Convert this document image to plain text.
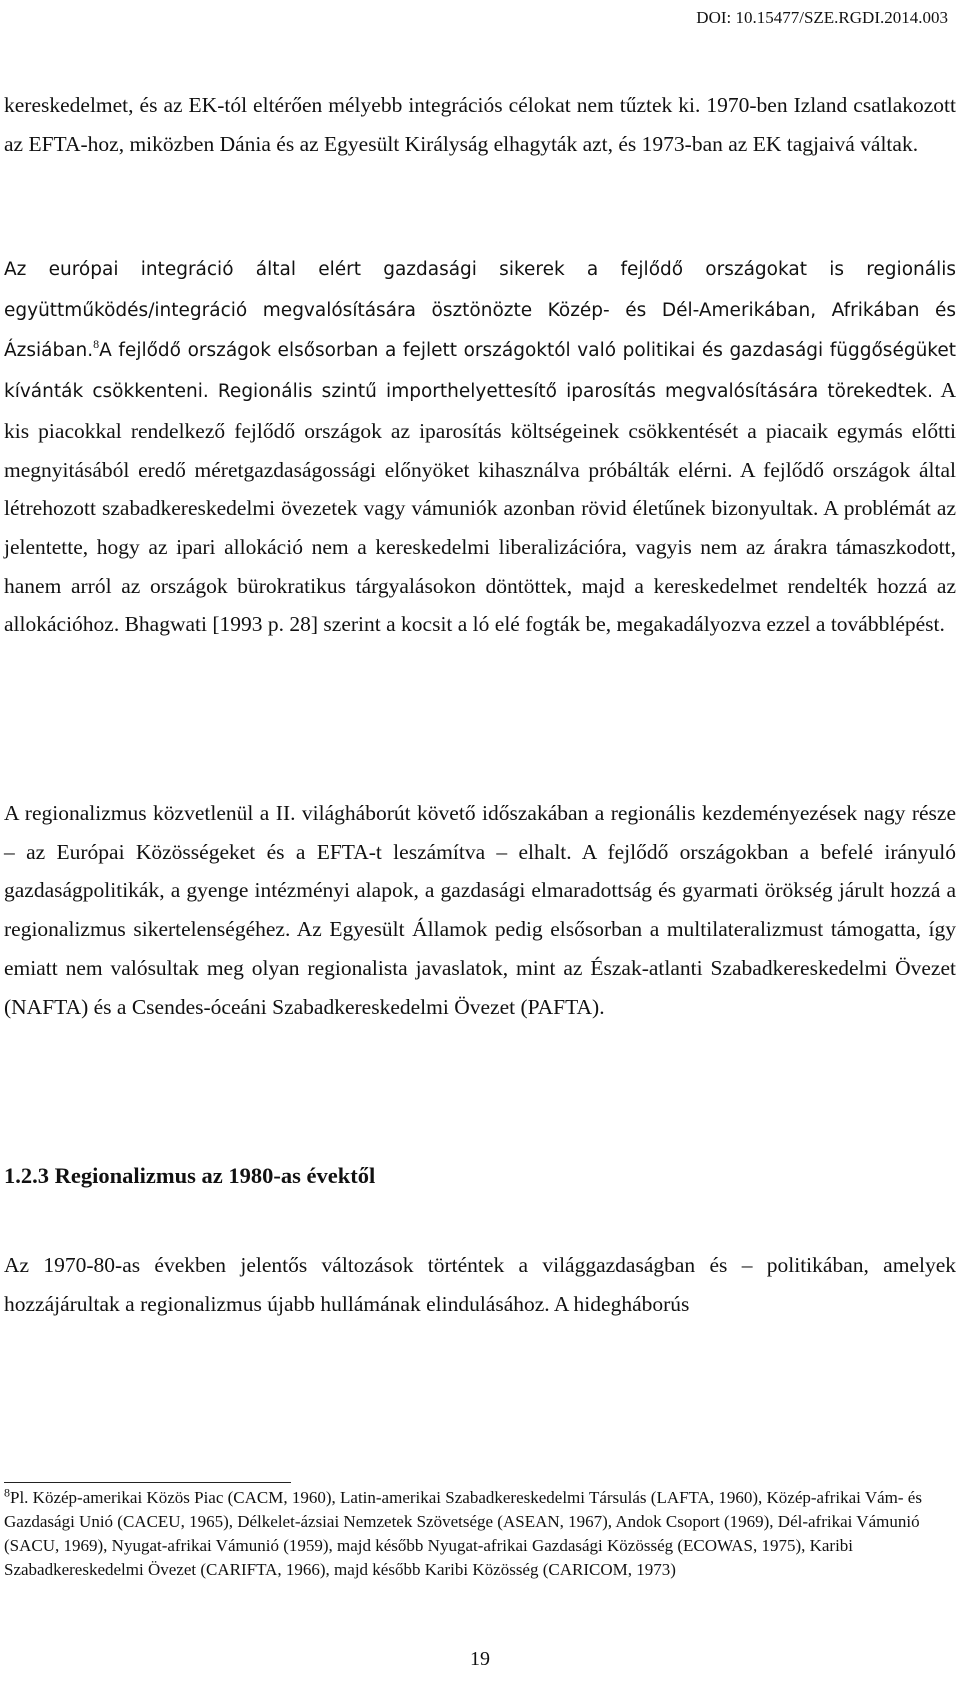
DOI: 10.15477/SZE.RGDI.2014.003

kereskedelmet, és az EK-tól eltérően mélyebb integrációs célokat nem tűztek ki. 1970-ben Izland csatlakozott az EFTA-hoz, miközben Dánia és az Egyesült Királyság elhagyták azt, és 1973-ban az EK tagjaivá váltak.

Az európai integráció által elért gazdasági sikerek a fejlődő országokat is regionális együttműködés/integráció megvalósítására ösztönözte Közép- és Dél-Amerikában, Afrikában és Ázsiában.$^8$A fejlődő országok elsősorban a fejlett országoktól való politikai és gazdasági függőségüket kívánták csökkenteni. Regionális szintű importhelyettesítő iparosítás megvalósítására törekedtek. A kis piacokkal rendelkező fejlődő országok az iparosítás költségeinek csökkentését a piacaik egymás előtti megnyitásából eredő méretgazdaságossági előnyöket kihasználva próbálták elérni. A fejlődő országok által létrehozott szabadkereskedelmi övezetek vagy vámuniók azonban rövid életűnek bizonyultak. A problémát az jelentette, hogy az ipari allokáció nem a kereskedelmi liberalizációra, vagyis nem az árakra támaszkodott, hanem arról az országok bürokratikus tárgyalásokon döntöttek, majd a kereskedelmet rendelték hozzá az allokációhoz. Bhagwati [1993 p. 28] szerint a kocsit a ló elé fogták be, megakadályozva ezzel a továbblépést.

A regionalizmus közvetlenül a II. világháborút követő időszakában a regionális kezdeményezések nagy része – az Európai Közösségeket és a EFTA-t leszámítva – elhalt. A fejlődő országokban a befelé irányuló gazdaságpolitikák, a gyenge intézményi alapok, a gazdasági elmaradottság és gyarmati örökség járult hozzá a regionalizmus sikertelenségéhez. Az Egyesült Államok pedig elsősorban a multilateralizmust támogatta, így emiatt nem valósultak meg olyan regionalista javaslatok, mint az Észak-atlanti Szabadkereskedelmi Övezet (NAFTA) és a Csendes-óceáni Szabadkereskedelmi Övezet (PAFTA).

1.2.3 Regionalizmus az 1980-as évektől

Az 1970-80-as években jelentős változások történtek a világgazdaságban és – politikában, amelyek hozzájárultak a regionalizmus újabb hullámának elindulásához. A hidegháborús

$^8$Pl. Közép-amerikai Közös Piac (CACM, 1960), Latin-amerikai Szabadkereskedelmi Társulás (LAFTA, 1960), Közép-afrikai Vám- és Gazdasági Unió (CACEU, 1965), Délkelet-ázsiai Nemzetek Szövetsége (ASEAN, 1967), Andok Csoport (1969), Dél-afrikai Vámunió (SACU, 1969), Nyugat-afrikai Vámunió (1959), majd később Nyugat-afrikai Gazdasági Közösség (ECOWAS, 1975), Karibi Szabadkereskedelmi Övezet (CARIFTA, 1966), majd később Karibi Közösség (CARICOM, 1973)

19
